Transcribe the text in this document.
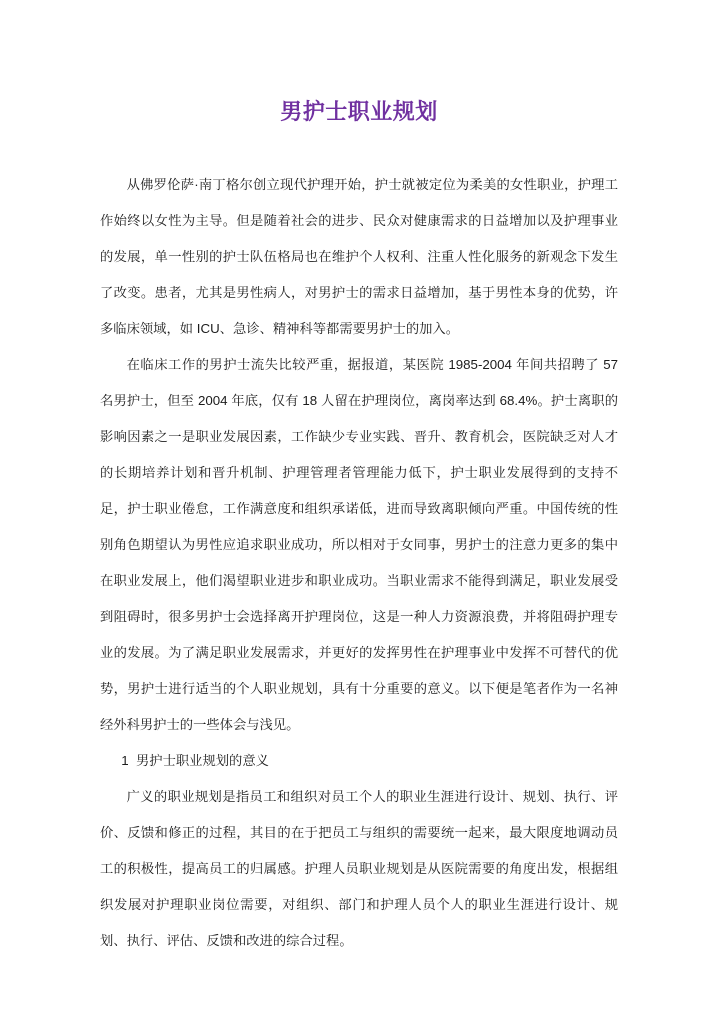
男护士职业规划

从佛罗伦萨·南丁格尔创立现代护理开始，护士就被定位为柔美的女性职业，护理工作始终以女性为主导。但是随着社会的进步、民众对健康需求的日益增加以及护理事业的发展，单一性别的护士队伍格局也在维护个人权利、注重人性化服务的新观念下发生了改变。患者，尤其是男性病人，对男护士的需求日益增加，基于男性本身的优势，许多临床领域，如 ICU、急诊、精神科等都需要男护士的加入。

在临床工作的男护士流失比较严重，据报道，某医院 1985-2004 年间共招聘了 57 名男护士，但至 2004 年底，仅有 18 人留在护理岗位，离岗率达到 68.4%。护士离职的影响因素之一是职业发展因素，工作缺少专业实践、晋升、教育机会，医院缺乏对人才的长期培养计划和晋升机制、护理管理者管理能力低下，护士职业发展得到的支持不足，护士职业倦怠，工作满意度和组织承诺低，进而导致离职倾向严重。中国传统的性别角色期望认为男性应追求职业成功，所以相对于女同事，男护士的注意力更多的集中在职业发展上，他们渴望职业进步和职业成功。当职业需求不能得到满足，职业发展受到阻碍时，很多男护士会选择离开护理岗位，这是一种人力资源浪费，并将阻碍护理专业的发展。为了满足职业发展需求，并更好的发挥男性在护理事业中发挥不可替代的优势，男护士进行适当的个人职业规划，具有十分重要的意义。以下便是笔者作为一名神经外科男护士的一些体会与浅见。

1 男护士职业规划的意义

广义的职业规划是指员工和组织对员工个人的职业生涯进行设计、规划、执行、评价、反馈和修正的过程，其目的在于把员工与组织的需要统一起来，最大限度地调动员工的积极性，提高员工的归属感。护理人员职业规划是从医院需要的角度出发，根据组织发展对护理职业岗位需要，对组织、部门和护理人员个人的职业生涯进行设计、规划、执行、评估、反馈和改进的综合过程。
